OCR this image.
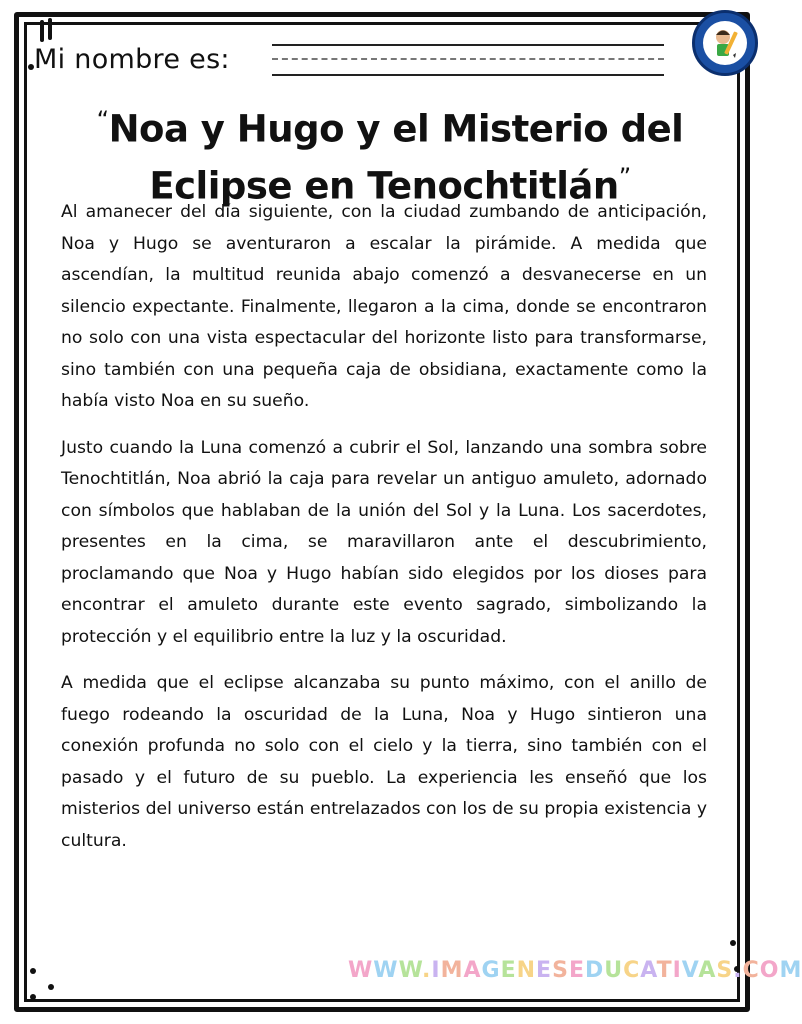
Mi nombre es:
“Noa y Hugo y el Misterio del Eclipse en Tenochtitlán”

Al amanecer del día siguiente, con la ciudad zumbando de anticipación, Noa y Hugo se aventuraron a escalar la pirámide. A medida que ascendían, la multitud reunida abajo comenzó a desvanecerse en un silencio expectante. Finalmente, llegaron a la cima, donde se encontraron no solo con una vista espectacular del horizonte listo para transformarse, sino también con una pequeña caja de obsidiana, exactamente como la había visto Noa en su sueño.

Justo cuando la Luna comenzó a cubrir el Sol, lanzando una sombra sobre Tenochtitlán, Noa abrió la caja para revelar un antiguo amuleto, adornado con símbolos que hablaban de la unión del Sol y la Luna. Los sacerdotes, presentes en la cima, se maravillaron ante el descubrimiento, proclamando que Noa y Hugo habían sido elegidos por los dioses para encontrar el amuleto durante este evento sagrado, simbolizando la protección y el equilibrio entre la luz y la oscuridad.

A medida que el eclipse alcanzaba su punto máximo, con el anillo de fuego rodeando la oscuridad de la Luna, Noa y Hugo sintieron una conexión profunda no solo con el cielo y la tierra, sino también con el pasado y el futuro de su pueblo. La experiencia les enseñó que los misterios del universo están entrelazados con los de su propia existencia y cultura.

WWW.IMAGENESEDUCATIVAS.COM
